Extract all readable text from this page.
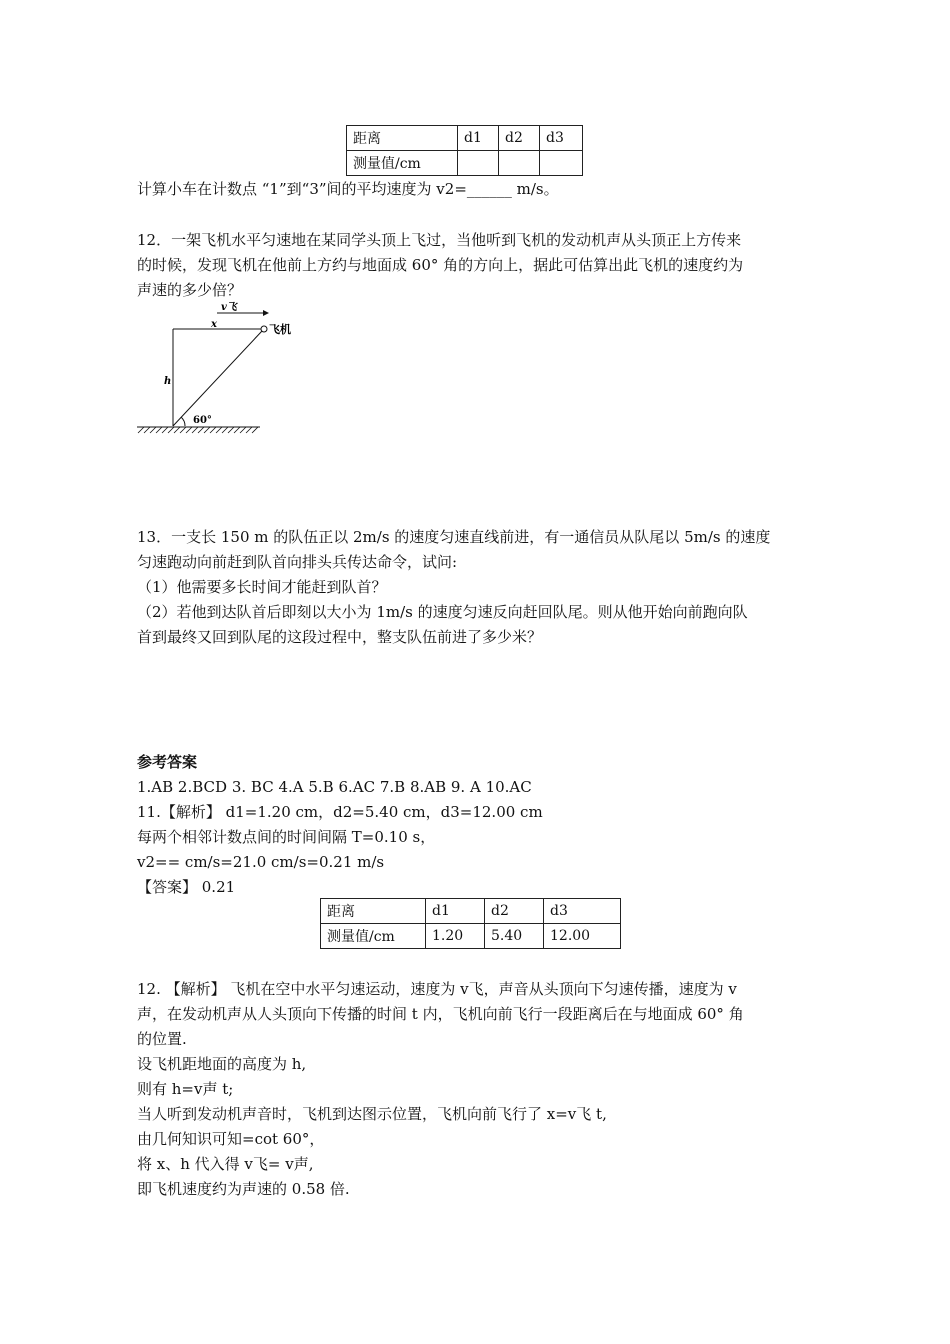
距离	d1	d2	d3
测量值/cm			
计算小车在计数点 “1”到“3”间的平均速度为 v2=______ m/s。
12．一架飞机水平匀速地在某同学头顶上飞过，当他听到飞机的发动机声从头顶正上方传来
的时候，发现飞机在他前上方约与地面成 60° 角的方向上，据此可估算出此飞机的速度约为
声速的多少倍？
v飞
x	飞机
h
60°
13．一支长 150 m 的队伍正以 2m/s 的速度匀速直线前进，有一通信员从队尾以 5m/s 的速度
匀速跑动向前赶到队首向排头兵传达命令，试问:
（1）他需要多长时间才能赶到队首？
（2）若他到达队首后即刻以大小为 1m/s 的速度匀速反向赶回队尾。则从他开始向前跑向队
首到最终又回到队尾的这段过程中，整支队伍前进了多少米？
参考答案
1.AB 2.BCD 3. BC 4.A 5.B 6.AC 7.B 8.AB 9. A 10.AC
11.【解析】 d1=1.20 cm，d2=5.40 cm，d3=12.00 cm
每两个相邻计数点间的时间间隔 T=0.10 s，
v2== cm/s=21.0 cm/s=0.21 m/s
【答案】 0.21
距离	d1	d2	d3
测量值/cm	1.20	5.40	12.00
12. 【解析】 飞机在空中水平匀速运动，速度为 v飞，声音从头顶向下匀速传播，速度为 v
声，在发动机声从人头顶向下传播的时间 t 内，飞机向前飞行一段距离后在与地面成 60° 角
的位置.
设飞机距地面的高度为 h,
则有 h=v声 t;
当人听到发动机声音时，飞机到达图示位置，飞机向前飞行了 x=v飞 t,
由几何知识可知=cot 60°，
将 x、h 代入得 v飞= v声,
即飞机速度约为声速的 0.58 倍.
